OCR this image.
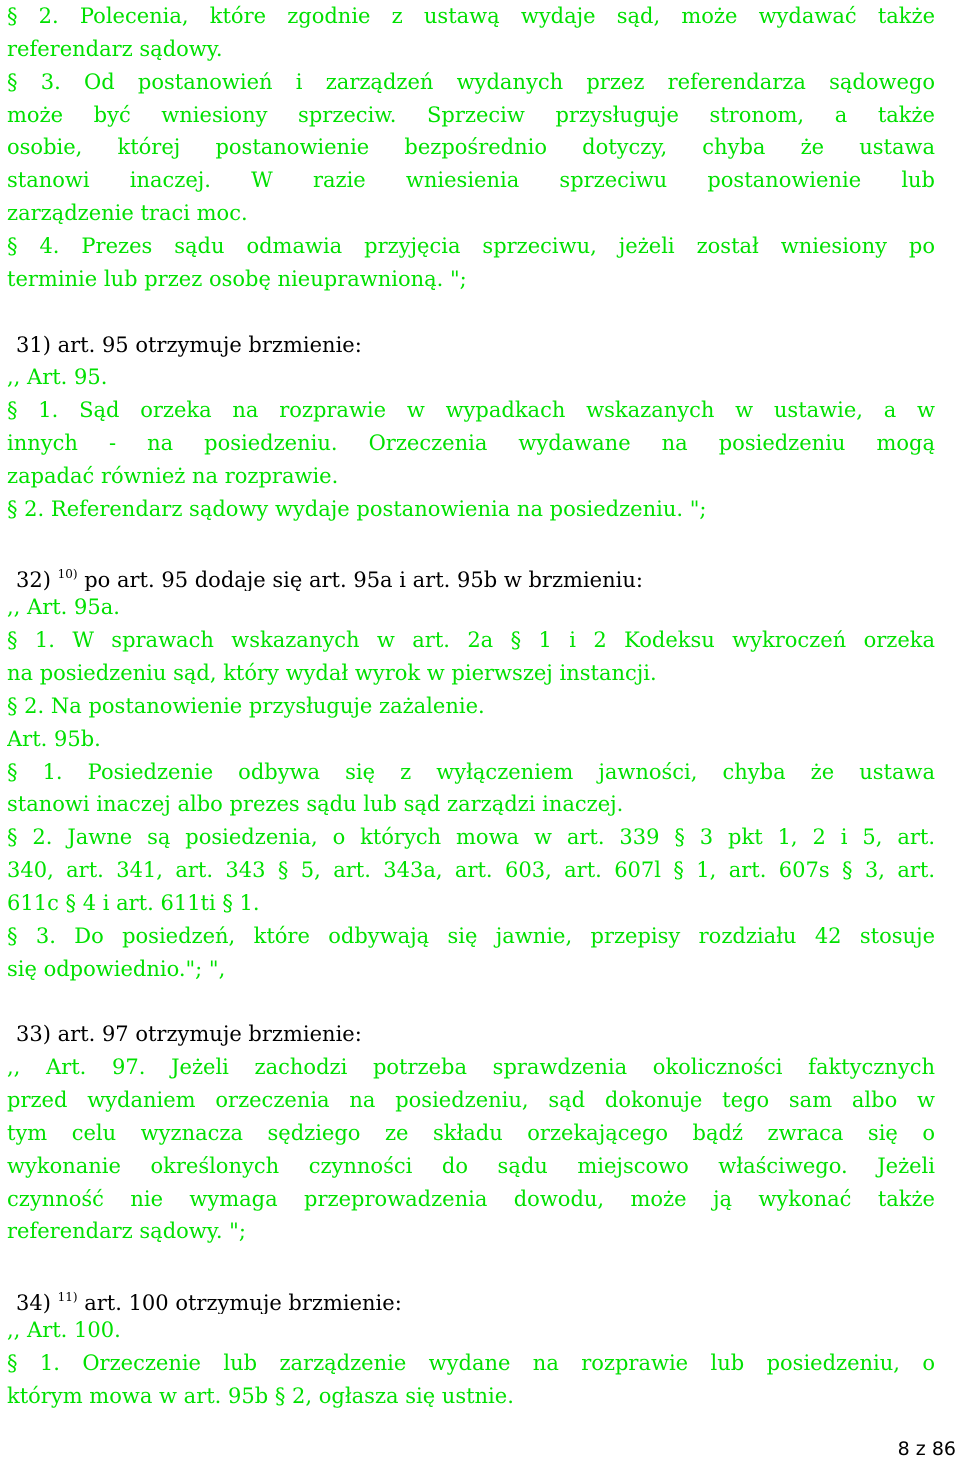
§ 2. Polecenia, które zgodnie z ustawą wydaje sąd, może wydawać także
referendarz sądowy.
§ 3. Od postanowień i zarządzeń wydanych przez referendarza sądowego
może być wniesiony sprzeciw. Sprzeciw przysługuje stronom, a także
osobie, której postanowienie bezpośrednio dotyczy, chyba że ustawa
stanowi inaczej. W razie wniesienia sprzeciwu postanowienie lub
zarządzenie traci moc.
§ 4. Prezes sądu odmawia przyjęcia sprzeciwu, jeżeli został wniesiony po
terminie lub przez osobę nieuprawnioną. ";
31) art. 95 otrzymuje brzmienie:
,, Art. 95.
§ 1. Sąd orzeka na rozprawie w wypadkach wskazanych w ustawie, a w
innych - na posiedzeniu. Orzeczenia wydawane na posiedzeniu mogą
zapadać również na rozprawie.
§ 2. Referendarz sądowy wydaje postanowienia na posiedzeniu. ";
32) $^{10)}$ po art. 95 dodaje się art. 95a i art. 95b w brzmieniu:
,, Art. 95a.
§ 1. W sprawach wskazanych w art. 2a § 1 i 2 Kodeksu wykroczeń orzeka
na posiedzeniu sąd, który wydał wyrok w pierwszej instancji.
§ 2. Na postanowienie przysługuje zażalenie.
Art. 95b.
§ 1. Posiedzenie odbywa się z wyłączeniem jawności, chyba że ustawa
stanowi inaczej albo prezes sądu lub sąd zarządzi inaczej.
§ 2. Jawne są posiedzenia, o których mowa w art. 339 § 3 pkt 1, 2 i 5, art.
340, art. 341, art. 343 § 5, art. 343a, art. 603, art. 607l § 1, art. 607s § 3, art.
611c § 4 i art. 611ti § 1.
§ 3. Do posiedzeń, które odbywają się jawnie, przepisy rozdziału 42 stosuje
się odpowiednio."; ",
33) art. 97 otrzymuje brzmienie:
,, Art. 97. Jeżeli zachodzi potrzeba sprawdzenia okoliczności faktycznych
przed wydaniem orzeczenia na posiedzeniu, sąd dokonuje tego sam albo w
tym celu wyznacza sędziego ze składu orzekającego bądź zwraca się o
wykonanie określonych czynności do sądu miejscowo właściwego. Jeżeli
czynność nie wymaga przeprowadzenia dowodu, może ją wykonać także
referendarz sądowy. ";
34) $^{11)}$ art. 100 otrzymuje brzmienie:
,, Art. 100.
§ 1. Orzeczenie lub zarządzenie wydane na rozprawie lub posiedzeniu, o
którym mowa w art. 95b § 2, ogłasza się ustnie.
8 z 86
